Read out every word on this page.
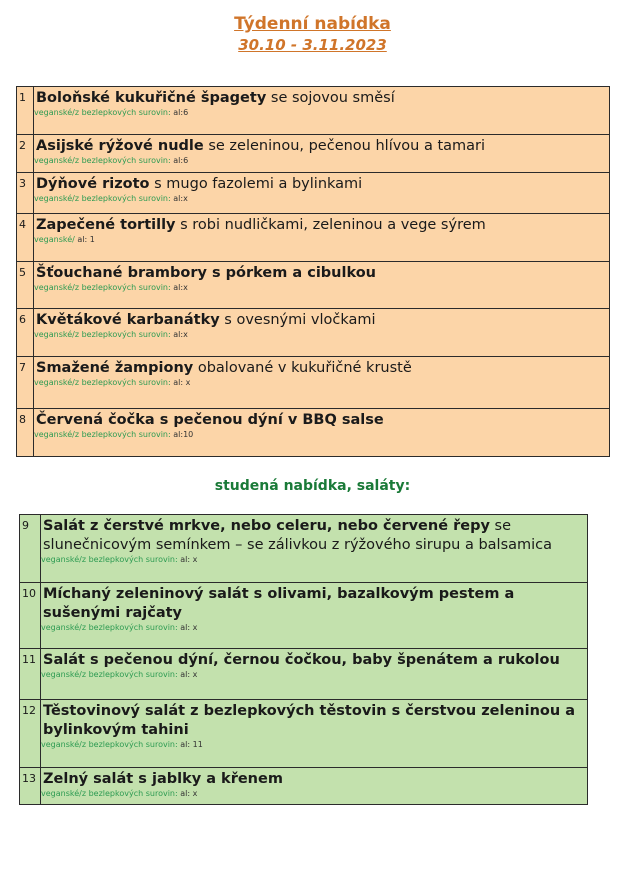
Týdenní nabídka
30.10 - 3.11.2023
1	Boloňské kukuřičné špagety se sojovou směsí
veganské/z bezlepkových surovin: al:6

2	Asijské rýžové nudle se zeleninou, pečenou hlívou a tamari
veganské/z bezlepkových surovin: al:6

3	Dýňové rizoto s mugo fazolemi a bylinkami
veganské/z bezlepkových surovin: al:x

4	Zapečené tortilly s robi nudličkami, zeleninou a vege sýrem
veganské/ al: 1

5	Šťouchané brambory s pórkem a cibulkou
veganské/z bezlepkových surovin: al:x

6	Květákové karbanátky s ovesnými vločkami
veganské/z bezlepkových surovin: al:x

7	Smažené žampiony obalované v kukuřičné krustě
veganské/z bezlepkových surovin: al: x

8	Červená čočka s pečenou dýní v BBQ salse
veganské/z bezlepkových surovin: al:10
studená nabídka, saláty:
9	Salát z čerstvé mrkve, nebo celeru, nebo červené řepy se slunečnicovým semínkem – se zálivkou z rýžového sirupu a balsamica
veganské/z bezlepkových surovin: al: x

10	Míchaný zeleninový salát s olivami, bazalkovým pestem a sušenými rajčaty
veganské/z bezlepkových surovin: al: x

11	Salát s pečenou dýní, černou čočkou, baby špenátem a rukolou
veganské/z bezlepkových surovin: al: x

12	Těstovinový salát z bezlepkových těstovin s čerstvou zeleninou a bylinkovým tahini
veganské/z bezlepkových surovin: al: 11

13	Zelný salát s jablky a křenem
veganské/z bezlepkových surovin: al: x
